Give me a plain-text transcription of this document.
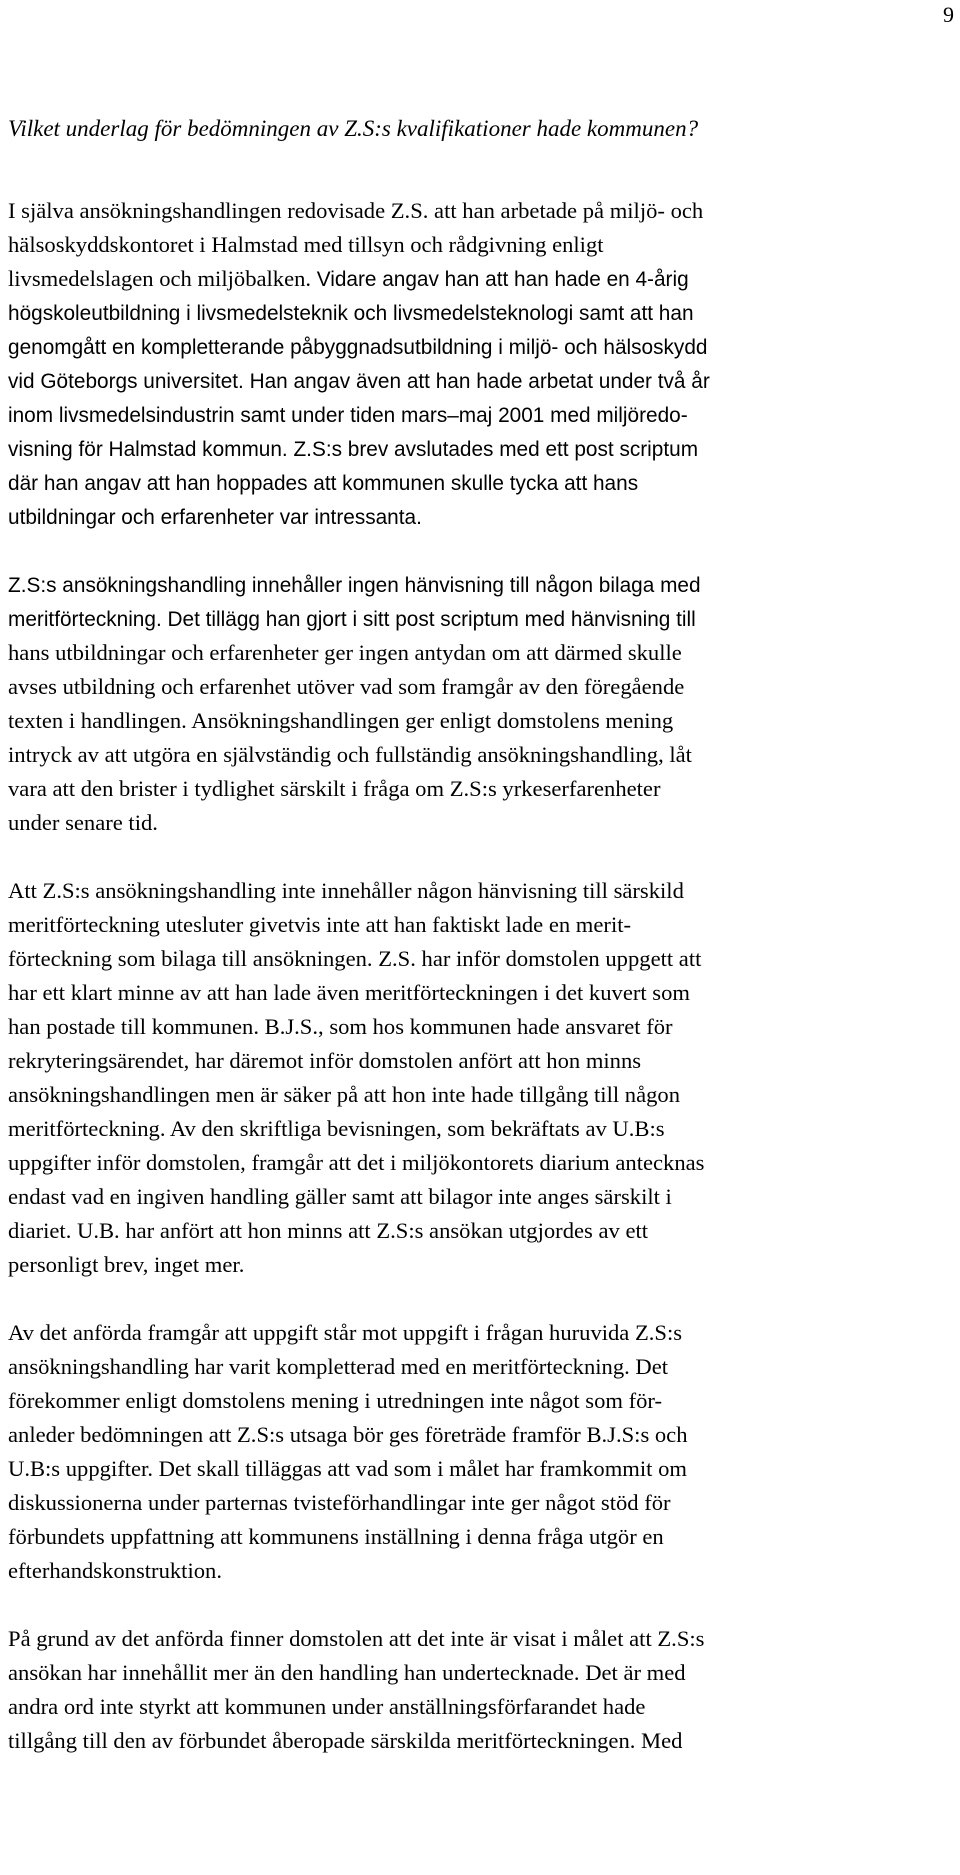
9
Vilket underlag för bedömningen av Z.S:s kvalifikationer hade kommunen?

I själva ansökningshandlingen redovisade Z.S. att han arbetade på miljö- och
hälsoskyddskontoret i Halmstad med tillsyn och rådgivning enligt
livsmedelslagen och miljöbalken. Vidare angav han att han hade en 4-årig
högskoleutbildning i livsmedelsteknik och livsmedelsteknologi samt att han
genomgått en kompletterande påbyggnadsutbildning i miljö- och hälsoskydd
vid Göteborgs universitet. Han angav även att han hade arbetat under två år
inom livsmedelsindustrin samt under tiden mars–maj 2001 med miljöredo-
visning för Halmstad kommun. Z.S:s brev avslutades med ett post scriptum
där han angav att han hoppades att kommunen skulle tycka att hans
utbildningar och erfarenheter var intressanta.

Z.S:s ansökningshandling innehåller ingen hänvisning till någon bilaga med
meritförteckning. Det tillägg han gjort i sitt post scriptum med hänvisning till
hans utbildningar och erfarenheter ger ingen antydan om att därmed skulle
avses utbildning och erfarenhet utöver vad som framgår av den föregående
texten i handlingen. Ansökningshandlingen ger enligt domstolens mening
intryck av att utgöra en självständig och fullständig ansökningshandling, låt
vara att den brister i tydlighet särskilt i fråga om Z.S:s yrkeserfarenheter
under senare tid.

Att Z.S:s ansökningshandling inte innehåller någon hänvisning till särskild
meritförteckning utesluter givetvis inte att han faktiskt lade en merit-
förteckning som bilaga till ansökningen. Z.S. har inför domstolen uppgett att
har ett klart minne av att han lade även meritförteckningen i det kuvert som
han postade till kommunen. B.J.S., som hos kommunen hade ansvaret för
rekryteringsärendet, har däremot inför domstolen anfört att hon minns
ansökningshandlingen men är säker på att hon inte hade tillgång till någon
meritförteckning. Av den skriftliga bevisningen, som bekräftats av U.B:s
uppgifter inför domstolen, framgår att det i miljökontorets diarium antecknas
endast vad en ingiven handling gäller samt att bilagor inte anges särskilt i
diariet. U.B. har anfört att hon minns att Z.S:s ansökan utgjordes av ett
personligt brev, inget mer.

Av det anförda framgår att uppgift står mot uppgift i frågan huruvida Z.S:s
ansökningshandling har varit kompletterad med en meritförteckning. Det
förekommer enligt domstolens mening i utredningen inte något som för-
anleder bedömningen att Z.S:s utsaga bör ges företräde framför B.J.S:s och
U.B:s uppgifter. Det skall tilläggas att vad som i målet har framkommit om
diskussionerna under parternas tvisteförhandlingar inte ger något stöd för
förbundets uppfattning att kommunens inställning i denna fråga utgör en
efterhandskonstruktion.

På grund av det anförda finner domstolen att det inte är visat i målet att Z.S:s
ansökan har innehållit mer än den handling han undertecknade. Det är med
andra ord inte styrkt att kommunen under anställningsförfarandet hade
tillgång till den av förbundet åberopade särskilda meritförteckningen. Med
